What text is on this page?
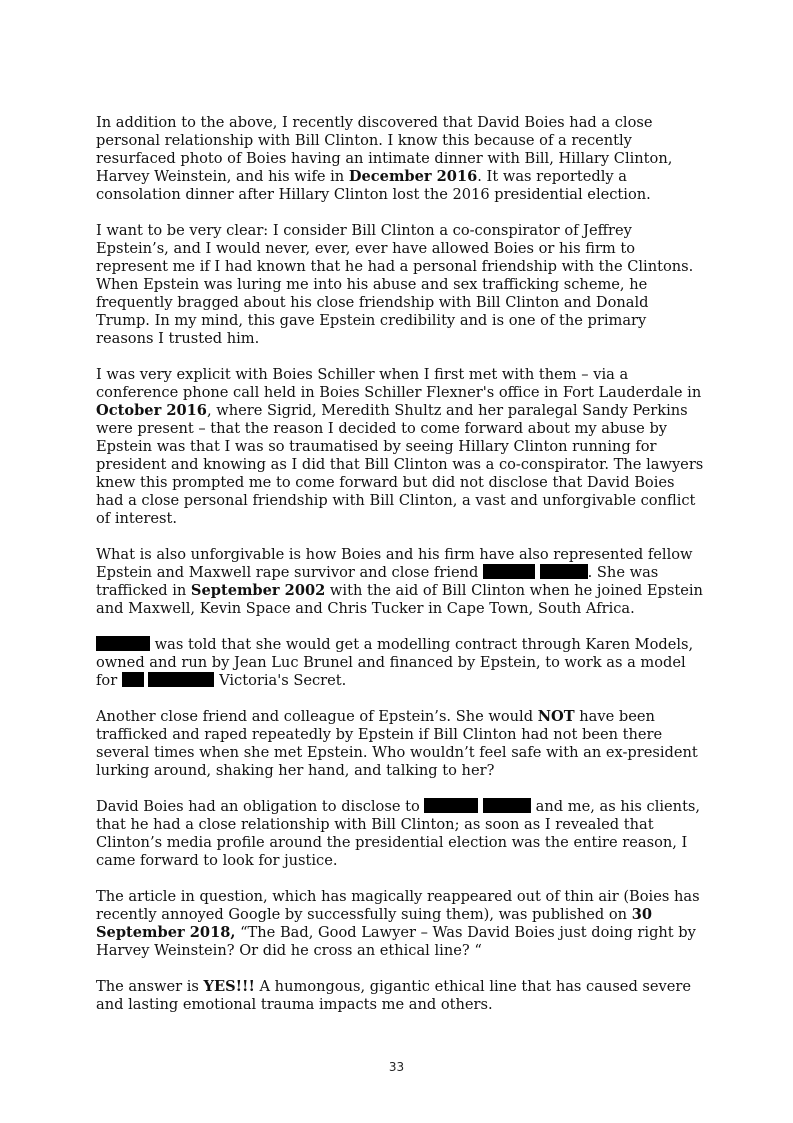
In addition to the above, I recently discovered that David Boies had a close personal relationship with Bill Clinton. I know this because of a recently resurfaced photo of Boies having an intimate dinner with Bill, Hillary Clinton, Harvey Weinstein, and his wife in December 2016. It was reportedly a consolation dinner after Hillary Clinton lost the 2016 presidential election.

I want to be very clear: I consider Bill Clinton a co-conspirator of Jeffrey Epstein’s, and I would never, ever, ever have allowed Boies or his firm to represent me if I had known that he had a personal friendship with the Clintons. When Epstein was luring me into his abuse and sex trafficking scheme, he frequently bragged about his close friendship with Bill Clinton and Donald Trump. In my mind, this gave Epstein credibility and is one of the primary reasons I trusted him.

I was very explicit with Boies Schiller when I first met with them – via a conference phone call held in Boies Schiller Flexner's office in Fort Lauderdale in October 2016, where Sigrid, Meredith Shultz and her paralegal Sandy Perkins were present – that the reason I decided to come forward about my abuse by Epstein was that I was so traumatised by seeing Hillary Clinton running for president and knowing as I did that Bill Clinton was a co-conspirator. The lawyers knew this prompted me to come forward but did not disclose that David Boies had a close personal friendship with Bill Clinton, a vast and unforgivable conflict of interest.

What is also unforgivable is how Boies and his firm have also represented fellow Epstein and Maxwell rape survivor and close friend	. She was trafficked in September 2002 with the aid of Bill Clinton when he joined Epstein and Maxwell, Kevin Space and Chris Tucker in Cape Town, South Africa.

was told that she would get a modelling contract through Karen Models, owned and run by Jean Luc Brunel and financed by Epstein, to work as a model for	Victoria's Secret.

Another close friend and colleague of Epstein’s. She would NOT have been trafficked and raped repeatedly by Epstein if Bill Clinton had not been there several times when she met Epstein. Who wouldn’t feel safe with an ex-president lurking around, shaking her hand, and talking to her?

David Boies had an obligation to disclose to	and me, as his clients, that he had a close relationship with Bill Clinton; as soon as I revealed that Clinton’s media profile around the presidential election was the entire reason, I came forward to look for justice.

The article in question, which has magically reappeared out of thin air (Boies has recently annoyed Google by successfully suing them), was published on 30 September 2018, “The Bad, Good Lawyer – Was David Boies just doing right by Harvey Weinstein? Or did he cross an ethical line? “

The answer is YES!!! A humongous, gigantic ethical line that has caused severe and lasting emotional trauma impacts me and others.

33
